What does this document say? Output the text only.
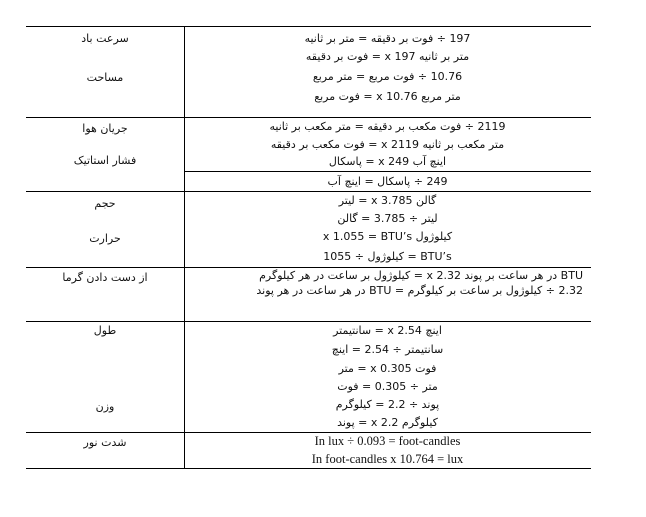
سرعت باد	197 ÷ فوت بر دقیقه = متر بر ثانیه
متر بر ثانیه x 197 = فوت بر دقیقه
مساحت	10.76 ÷ فوت مربع = متر مربع
متر مربع x 10.76 = فوت مربع
جریان هوا	2119 ÷ فوت مکعب بر دقیقه = متر مکعب بر ثانیه
متر مکعب بر ثانیه x 2119 = فوت مکعب بر دقیقه
فشار استاتیک	اینچ آب x 249 = پاسکال
249 ÷ پاسکال = اینچ آب
حجم	گالن x 3.785 = لیتر
لیتر ÷ 3.785 = گالن
حرارت	کیلوژول x 1.055 = BTU’s
BTU’s = کیلوژول ÷ 1055
از دست دادن گرما	BTU در هر ساعت بر پوند x 2.32 = کیلوژول بر ساعت در هر کیلوگرم
2.32 ÷ کیلوژول بر ساعت بر کیلوگرم = BTU در هر ساعت در هر پوند
طول	اینچ x 2.54 = سانتیمتر
سانتیمتر ÷ 2.54 = اینچ
فوت x 0.305 = متر
متر ÷ 0.305 = فوت
وزن	پوند ÷ 2.2 = کیلوگرم
کیلوگرم x 2.2 = پوند
شدت نور	In lux ÷ 0.093 = foot-candles
In foot-candles x 10.764 = lux
